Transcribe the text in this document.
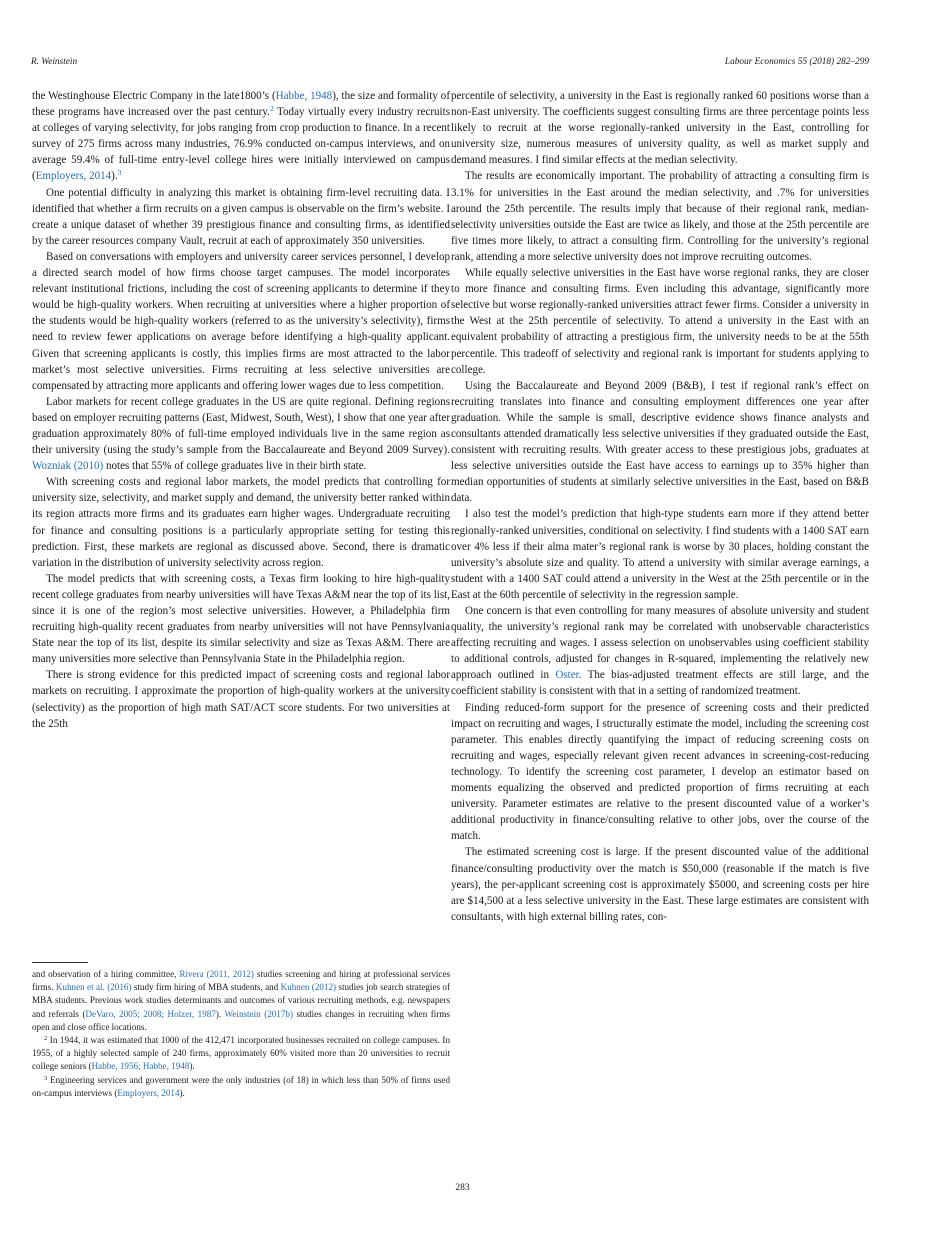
R. Weinstein	Labour Economics 55 (2018) 282–299

the Westinghouse Electric Company in the late1800’s (Habbe, 1948), the size and formality of these programs have increased over the past century.$^2$ Today virtually every industry recruits at colleges of varying selectivity, for jobs ranging from crop production to finance. In a recent survey of 275 firms across many industries, 76.9% conducted on-campus interviews, and on average 59.4% of full-time entry-level college hires were initially interviewed on campus (Employers, 2014).$^3$

One potential difficulty in analyzing this market is obtaining firm-level recruiting data. I identified that whether a firm recruits on a given campus is observable on the firm’s website. I create a unique dataset of whether 39 prestigious finance and consulting firms, as identified by the career resources company Vault, recruit at each of approximately 350 universities.

Based on conversations with employers and university career services personnel, I develop a directed search model of how firms choose target campuses. The model incorporates relevant institutional frictions, including the cost of screening applicants to determine if they would be high-quality workers. When recruiting at universities where a higher proportion of the students would be high-quality workers (referred to as the university’s selectivity), firms need to review fewer applications on average before identifying a high-quality applicant. Given that screening applicants is costly, this implies firms are most attracted to the labor market’s most selective universities. Firms recruiting at less selective universities are compensated by attracting more applicants and offering lower wages due to less competition.

Labor markets for recent college graduates in the US are quite regional. Defining regions based on employer recruiting patterns (East, Midwest, South, West), I show that one year after graduation approximately 80% of full-time employed individuals live in the same region as their university (using the study’s sample from the Baccalaureate and Beyond 2009 Survey). Wozniak (2010) notes that 55% of college graduates live in their birth state.

With screening costs and regional labor markets, the model predicts that controlling for university size, selectivity, and market supply and demand, the university better ranked within its region attracts more firms and its graduates earn higher wages. Undergraduate recruiting for finance and consulting positions is a particularly appropriate setting for testing this prediction. First, these markets are regional as discussed above. Second, there is dramatic variation in the distribution of university selectivity across region.

The model predicts that with screening costs, a Texas firm looking to hire high-quality recent college graduates from nearby universities will have Texas A&M near the top of its list, since it is one of the region’s most selective universities. However, a Philadelphia firm recruiting high-quality recent graduates from nearby universities will not have Pennsylvania State near the top of its list, despite its similar selectivity and size as Texas A&M. There are many universities more selective than Pennsylvania State in the Philadelphia region.

There is strong evidence for this predicted impact of screening costs and regional labor markets on recruiting. I approximate the proportion of high-quality workers at the university (selectivity) as the proportion of high math SAT/ACT score students. For two universities at the 25th

percentile of selectivity, a university in the East is regionally ranked 60 positions worse than a non-East university. The coefficients suggest consulting firms are three percentage points less likely to recruit at the worse regionally-ranked university in the East, controlling for university size, numerous measures of university quality, as well as market supply and demand measures. I find similar effects at the median selectivity.

The results are economically important. The probability of attracting a consulting firm is 3.1% for universities in the East around the median selectivity, and .7% for universities around the 25th percentile. The results imply that because of their regional rank, median-selectivity universities outside the East are twice as likely, and those at the 25th percentile are five times more likely, to attract a consulting firm. Controlling for the university’s regional rank, attending a more selective university does not improve recruiting outcomes.

While equally selective universities in the East have worse regional ranks, they are closer to more finance and consulting firms. Even including this advantage, significantly more selective but worse regionally-ranked universities attract fewer firms. Consider a university in the West at the 25th percentile of selectivity. To attend a university in the East with an equivalent probability of attracting a prestigious firm, the university needs to be at the 55th percentile. This tradeoff of selectivity and regional rank is important for students applying to college.

Using the Baccalaureate and Beyond 2009 (B&B), I test if regional rank’s effect on recruiting translates into finance and consulting employment differences one year after graduation. While the sample is small, descriptive evidence shows finance analysts and consultants attended dramatically less selective universities if they graduated outside the East, consistent with recruiting results. With greater access to these prestigious jobs, graduates at less selective universities outside the East have access to earnings up to 35% higher than median opportunities of students at similarly selective universities in the East, based on B&B data.

I also test the model’s prediction that high-type students earn more if they attend better regionally-ranked universities, conditional on selectivity. I find students with a 1400 SAT earn over 4% less if their alma mater’s regional rank is worse by 30 places, holding constant the university’s absolute size and quality. To attend a university with similar average earnings, a student with a 1400 SAT could attend a university in the West at the 25th percentile or in the East at the 60th percentile of selectivity in the regression sample.

One concern is that even controlling for many measures of absolute university and student quality, the university’s regional rank may be correlated with unobservable characteristics affecting recruiting and wages. I assess selection on unobservables using coefficient stability to additional controls, adjusted for changes in R-squared, implementing the relatively new approach outlined in Oster. The bias-adjusted treatment effects are still large, and the coefficient stability is consistent with that in a setting of randomized treatment.

Finding reduced-form support for the presence of screening costs and their predicted impact on recruiting and wages, I structurally estimate the model, including the screening cost parameter. This enables directly quantifying the impact of reducing screening costs on recruiting and wages, especially relevant given recent advances in screening-cost-reducing technology. To identify the screening cost parameter, I develop an estimator based on moments equalizing the observed and predicted proportion of firms recruiting at each university. Parameter estimates are relative to the present discounted value of a worker’s additional productivity in finance/consulting relative to other jobs, over the course of the match.

The estimated screening cost is large. If the present discounted value of the additional finance/consulting productivity over the match is $50,000 (reasonable if the match is five years), the per-applicant screening cost is approximately $5000, and screening costs per hire are $14,500 at a less selective university in the East. These large estimates are consistent with consultants, with high external billing rates, con-

and observation of a hiring committee, Rivera (2011, 2012) studies screening and hiring at professional services firms. Kuhnen et al. (2016) study firm hiring of MBA students, and Kuhnen (2012) studies job search strategies of MBA students. Previous work studies determinants and outcomes of various recruiting methods, e.g. newspapers and referrals (DeVaro, 2005; 2008; Holzer, 1987). Weinstein (2017b) studies changes in recruiting when firms open and close office locations.

$^2$ In 1944, it was estimated that 1000 of the 412,471 incorporated businesses recruited on college campuses. In 1955, of a highly selected sample of 240 firms, approximately 60% visited more than 20 universities to recruit college seniors (Habbe, 1956; Habbe, 1948).

$^3$ Engineering services and government were the only industries (of 18) in which less than 50% of firms used on-campus interviews (Employers, 2014).

283
